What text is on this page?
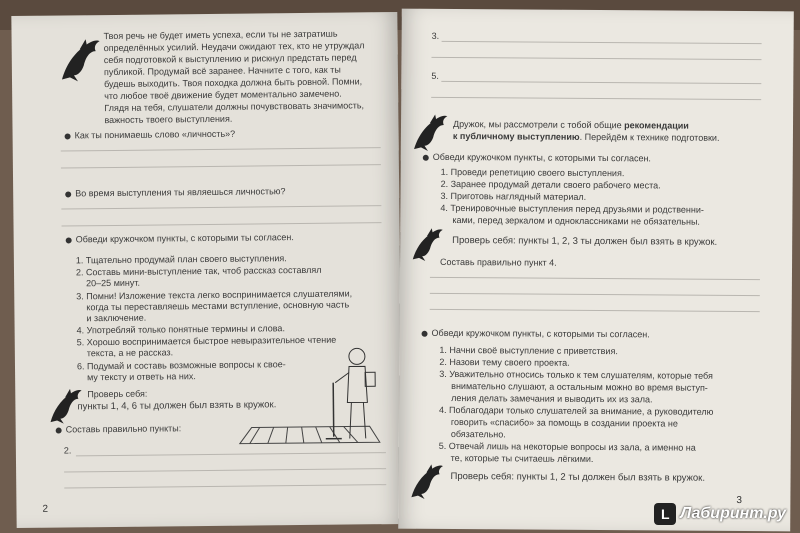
Твоя речь не будет иметь успеха, если ты не затратишь
определённых усилий. Неудачи ожидают тех, кто не утруждал
себя подготовкой к выступлению и рискнул предстать перед
публикой. Продумай всё заранее. Начните с того, как ты
будешь выходить. Твоя походка должна быть ровной. Помни,
что любое твоё движение будет моментально замечено.
Глядя на тебя, слушатели должны почувствовать значимость,
важность твоего выступления.
Как ты понимаешь слово «личность»?
Во время выступления ты являешься личностью?
Обведи кружочком пункты, с которыми ты согласен.
1. Тщательно продумай план своего выступления.
2. Составь мини-выступление так, чтоб рассказ составлял
20–25 минут.
3. Помни! Изложение текста легко воспринимается слушателями,
когда ты переставляешь местами вступление, основную часть
и заключение.
4. Употребляй только понятные термины и слова.
5. Хорошо воспринимается быстрое невыразительное чтение
текста, а не рассказ.
6. Подумай и составь возможные вопросы к свое-
му тексту и ответь на них.
Проверь себя:
пункты 1, 4, 6 ты должен был взять в кружок.
Составь правильно пункты:
2.
2
3.
5.
Дружок, мы рассмотрели с тобой общие рекомендации
к публичному выступлению. Перейдём к технике подготовки.
Обведи кружочком пункты, с которыми ты согласен.
1. Проведи репетицию своего выступления.
2. Заранее продумай детали своего рабочего места.
3. Приготовь наглядный материал.
4. Тренировочные выступления перед друзьями и родственни-
ками, перед зеркалом и одноклассниками не обязательны.
Проверь себя: пункты 1, 2, 3 ты должен был взять в кружок.
Составь правильно пункт 4.
Обведи кружочком пункты, с которыми ты согласен.
1. Начни своё выступление с приветствия.
2. Назови тему своего проекта.
3. Уважительно относись только к тем слушателям, которые тебя
внимательно слушают, а остальным можно во время выступ-
ления делать замечания и выводить их из зала.
4. Поблагодари только слушателей за внимание, а руководителю
говорить «спасибо» за помощь в создании проекта не
обязательно.
5. Отвечай лишь на некоторые вопросы из зала, а именно на
те, которые ты считаешь лёгкими.
Проверь себя: пункты 1, 2 ты должен был взять в кружок.
3
L Лабиринт.ру
